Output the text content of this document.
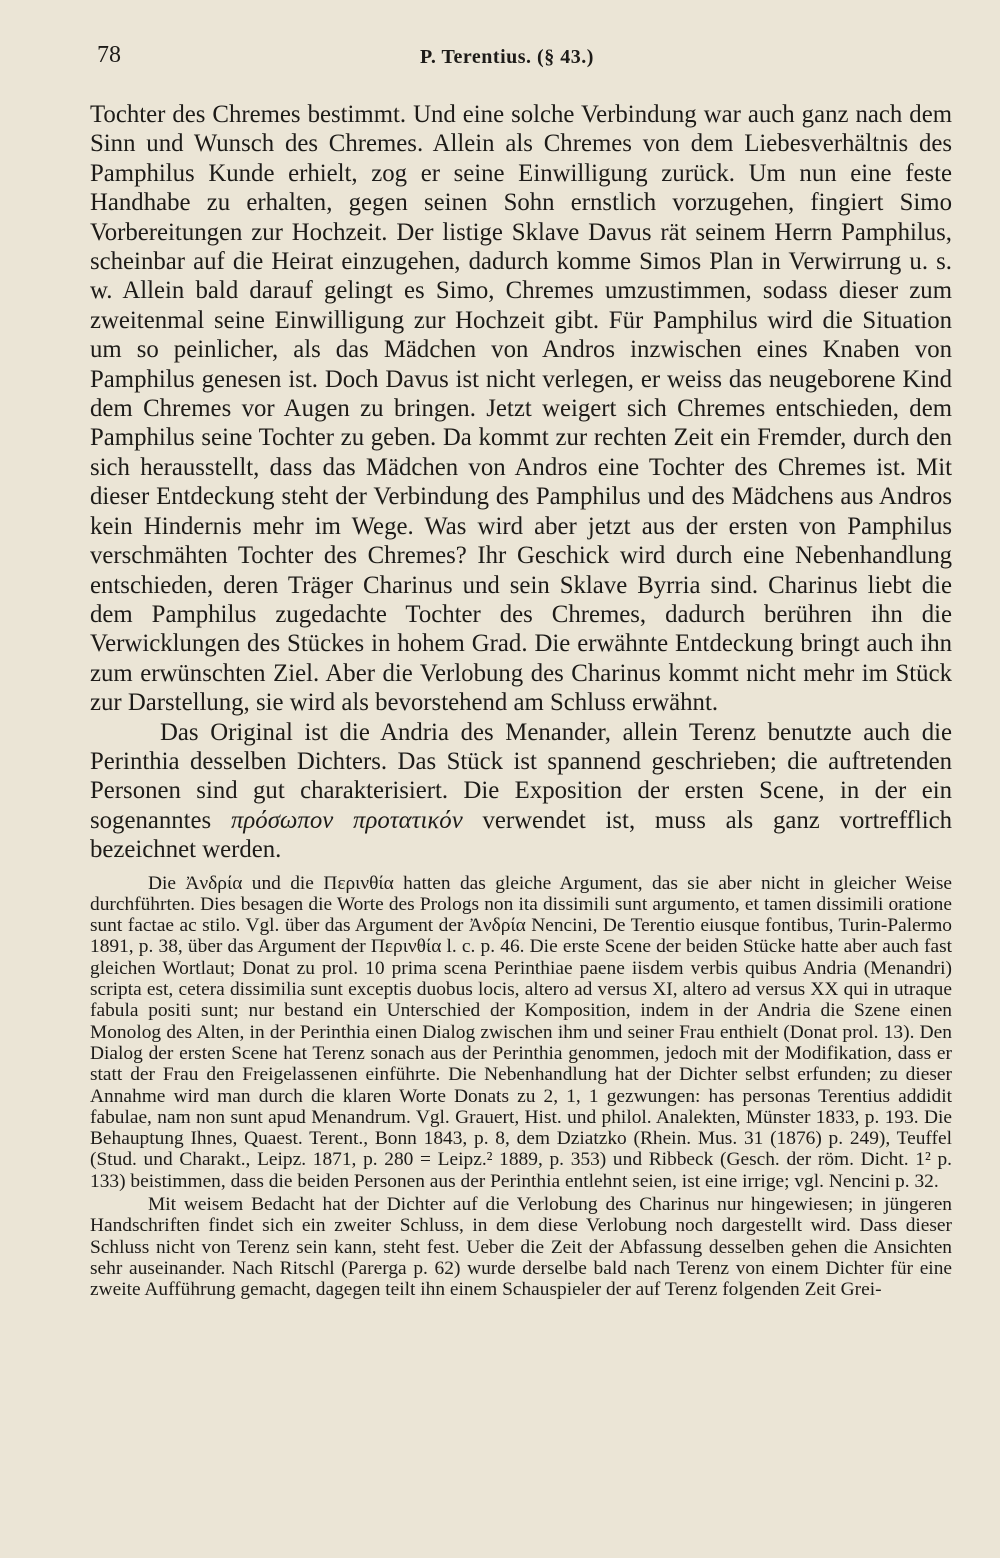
78	P. Terentius. (§ 43.)

Tochter des Chremes bestimmt. Und eine solche Verbindung war auch ganz nach dem Sinn und Wunsch des Chremes. Allein als Chremes von dem Liebesverhältnis des Pamphilus Kunde erhielt, zog er seine Einwilligung zurück. Um nun eine feste Handhabe zu erhalten, gegen seinen Sohn ernstlich vorzugehen, fingiert Simo Vorbereitungen zur Hochzeit. Der listige Sklave Davus rät seinem Herrn Pamphilus, scheinbar auf die Heirat einzugehen, dadurch komme Simos Plan in Verwirrung u. s. w. Allein bald darauf gelingt es Simo, Chremes umzustimmen, sodass dieser zum zweitenmal seine Einwilligung zur Hochzeit gibt. Für Pamphilus wird die Situation um so peinlicher, als das Mädchen von Andros inzwischen eines Knaben von Pamphilus genesen ist. Doch Davus ist nicht verlegen, er weiss das neugeborene Kind dem Chremes vor Augen zu bringen. Jetzt weigert sich Chremes entschieden, dem Pamphilus seine Tochter zu geben. Da kommt zur rechten Zeit ein Fremder, durch den sich herausstellt, dass das Mädchen von Andros eine Tochter des Chremes ist. Mit dieser Entdeckung steht der Verbindung des Pamphilus und des Mädchens aus Andros kein Hindernis mehr im Wege. Was wird aber jetzt aus der ersten von Pamphilus verschmähten Tochter des Chremes? Ihr Geschick wird durch eine Nebenhandlung entschieden, deren Träger Charinus und sein Sklave Byrria sind. Charinus liebt die dem Pamphilus zugedachte Tochter des Chremes, dadurch berühren ihn die Verwicklungen des Stückes in hohem Grad. Die erwähnte Entdeckung bringt auch ihn zum erwünschten Ziel. Aber die Verlobung des Charinus kommt nicht mehr im Stück zur Darstellung, sie wird als bevorstehend am Schluss erwähnt.

Das Original ist die Andria des Menander, allein Terenz benutzte auch die Perinthia desselben Dichters. Das Stück ist spannend geschrieben; die auftretenden Personen sind gut charakterisiert. Die Exposition der ersten Scene, in der ein sogenanntes πρόσωπον προτατικόν verwendet ist, muss als ganz vortrefflich bezeichnet werden.

Die Ἀνδρία und die Περινθία hatten das gleiche Argument, das sie aber nicht in gleicher Weise durchführten. Dies besagen die Worte des Prologs non ita dissimili sunt argumento, et tamen dissimili oratione sunt factae ac stilo. Vgl. über das Argument der Ἀνδρία Nencini, De Terentio eiusque fontibus, Turin-Palermo 1891, p. 38, über das Argument der Περινθία l. c. p. 46. Die erste Scene der beiden Stücke hatte aber auch fast gleichen Wortlaut; Donat zu prol. 10 prima scena Perinthiae paene iisdem verbis quibus Andria (Menandri) scripta est, cetera dissimilia sunt exceptis duobus locis, altero ad versus XI, altero ad versus XX qui in utraque fabula positi sunt; nur bestand ein Unterschied der Komposition, indem in der Andria die Szene einen Monolog des Alten, in der Perinthia einen Dialog zwischen ihm und seiner Frau enthielt (Donat prol. 13). Den Dialog der ersten Scene hat Terenz sonach aus der Perinthia genommen, jedoch mit der Modifikation, dass er statt der Frau den Freigelassenen einführte. Die Nebenhandlung hat der Dichter selbst erfunden; zu dieser Annahme wird man durch die klaren Worte Donats zu 2, 1, 1 gezwungen: has personas Terentius addidit fabulae, nam non sunt apud Menandrum. Vgl. Grauert, Hist. und philol. Analekten, Münster 1833, p. 193. Die Behauptung Ihnes, Quaest. Terent., Bonn 1843, p. 8, dem Dziatzko (Rhein. Mus. 31 (1876) p. 249), Teuffel (Stud. und Charakt., Leipz. 1871, p. 280 = Leipz.² 1889, p. 353) und Ribbeck (Gesch. der röm. Dicht. 1² p. 133) beistimmen, dass die beiden Personen aus der Perinthia entlehnt seien, ist eine irrige; vgl. Nencini p. 32.

Mit weisem Bedacht hat der Dichter auf die Verlobung des Charinus nur hingewiesen; in jüngeren Handschriften findet sich ein zweiter Schluss, in dem diese Verlobung noch dargestellt wird. Dass dieser Schluss nicht von Terenz sein kann, steht fest. Ueber die Zeit der Abfassung desselben gehen die Ansichten sehr auseinander. Nach Ritschl (Parerga p. 62) wurde derselbe bald nach Terenz von einem Dichter für eine zweite Aufführung gemacht, dagegen teilt ihn einem Schauspieler der auf Terenz folgenden Zeit Grei-
